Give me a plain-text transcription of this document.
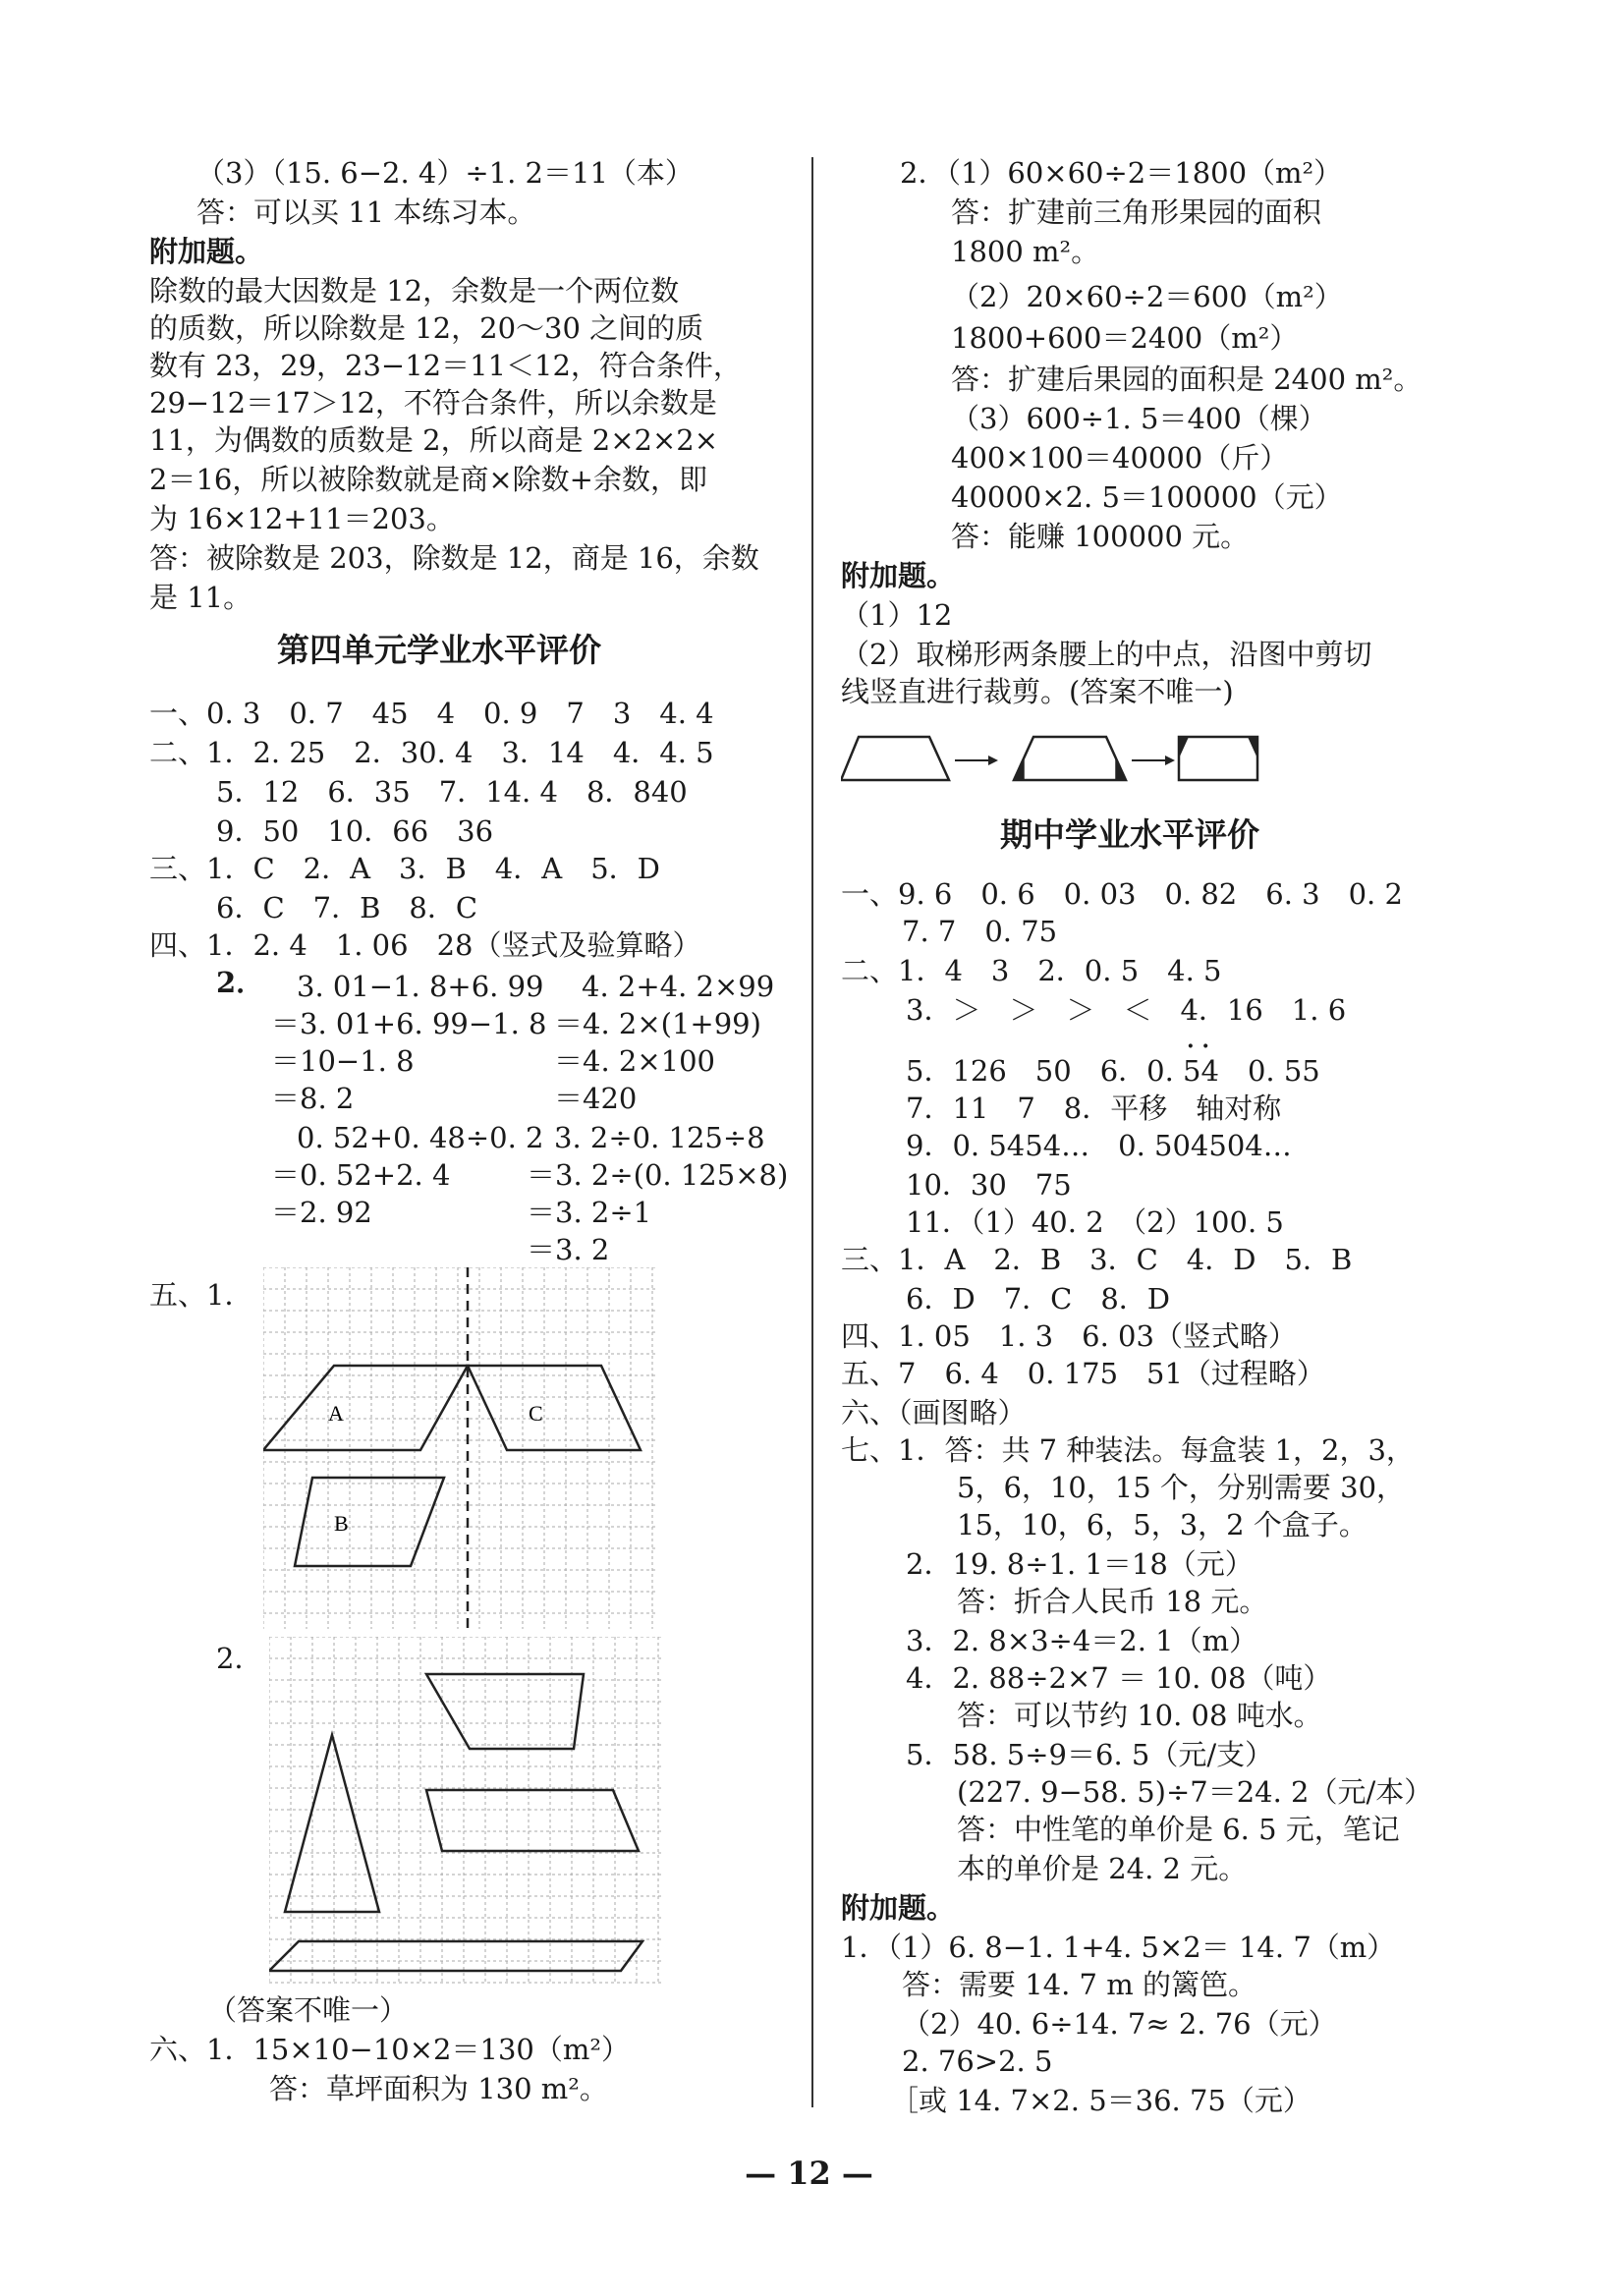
（3）（15. 6−2. 4）÷1. 2＝11（本）
答：可以买 11 本练习本。
附加题。
除数的最大因数是 12，余数是一个两位数
的质数，所以除数是 12，20～30 之间的质
数有 23，29，23−12＝11＜12，符合条件，
29−12＝17＞12，不符合条件，所以余数是
11，为偶数的质数是 2，所以商是 2×2×2×
2＝16，所以被除数就是商×除数+余数，即
为 16×12+11＝203。
答：被除数是 203，除数是 12，商是 16，余数
是 11。
第四单元学业水平评价
一、0. 3　0. 7　45　4　0. 9　7　3　4. 4
二、1．2. 25　2．30. 4　3．14　4．4. 5
5．12　6．35　7．14. 4　8．840
9．50　10．66　36
三、1．C　2．A　3．B　4．A　5．D
6．C　7．B　8．C
四、1．2. 4　1. 06　28（竖式及验算略）
2． 3. 01−1. 8+6. 99 4. 2+4. 2×99
＝3. 01+6. 99−1. 8 ＝4. 2×(1+99)
＝10−1. 8	＝4. 2×100
＝8. 2	＝420
0. 52+0. 48÷0. 2 3. 2÷0. 125÷8
＝0. 52+2. 4	＝3. 2÷(0. 125×8)
＝2. 92	＝3. 2÷1
＝3. 2
五、1．
2．
（答案不唯一）
六、1．15×10−10×2＝130（m²）
答：草坪面积为 130 m²。
2．（1）60×60÷2＝1800（m²）
答：扩建前三角形果园的面积
1800 m²。
（2）20×60÷2＝600（m²）
1800+600＝2400（m²）
答：扩建后果园的面积是 2400 m²。
（3）600÷1. 5＝400（棵）
400×100＝40000（斤）
40000×2. 5＝100000（元）
答：能赚 100000 元。
附加题。
（1）12
（2）取梯形两条腰上的中点，沿图中剪切
线竖直进行裁剪。(答案不唯一)
期中学业水平评价
一、9. 6　0. 6　0. 03　0. 82　6. 3　0. 2
7. 7　0. 75
二、1．4　3　2．0. 5　4. 5
3．＞　＞　＞　＜　4．16　1. 6
5．126　50　6．0. 54　0. 55
7．11　7　8．平移　轴对称
9．0. 5454…　0. 504504…
10．30　75
11．（1）40. 2　（2）100. 5
三、1．A　2．B　3．C　4．D　5．B
6．D　7．C　8．D
四、1. 05　1. 3　6. 03（竖式略）
五、7　6. 4　0. 175　51（过程略）
六、（画图略）
七、1．答：共 7 种装法。每盒装 1，2，3，
5，6，10，15 个，分别需要 30，
15，10，6，5，3，2 个盒子。
2．19. 8÷1. 1＝18（元）
答：折合人民币 18 元。
3．2. 8×3÷4＝2. 1（m）
4．2. 88÷2×7 ＝ 10. 08（吨）
答：可以节约 10. 08 吨水。
5．58. 5÷9＝6. 5（元/支）
(227. 9−58. 5)÷7＝24. 2（元/本）
答：中性笔的单价是 6. 5 元，笔记
本的单价是 24. 2 元。
附加题。
1．（1）6. 8−1. 1+4. 5×2＝ 14. 7（m）
答：需要 14. 7 m 的篱笆。
（2）40. 6÷14. 7≈ 2. 76（元）
2. 76>2. 5
［或 14. 7×2. 5＝36. 75（元）
· ·
A	C
B
— 12 —
